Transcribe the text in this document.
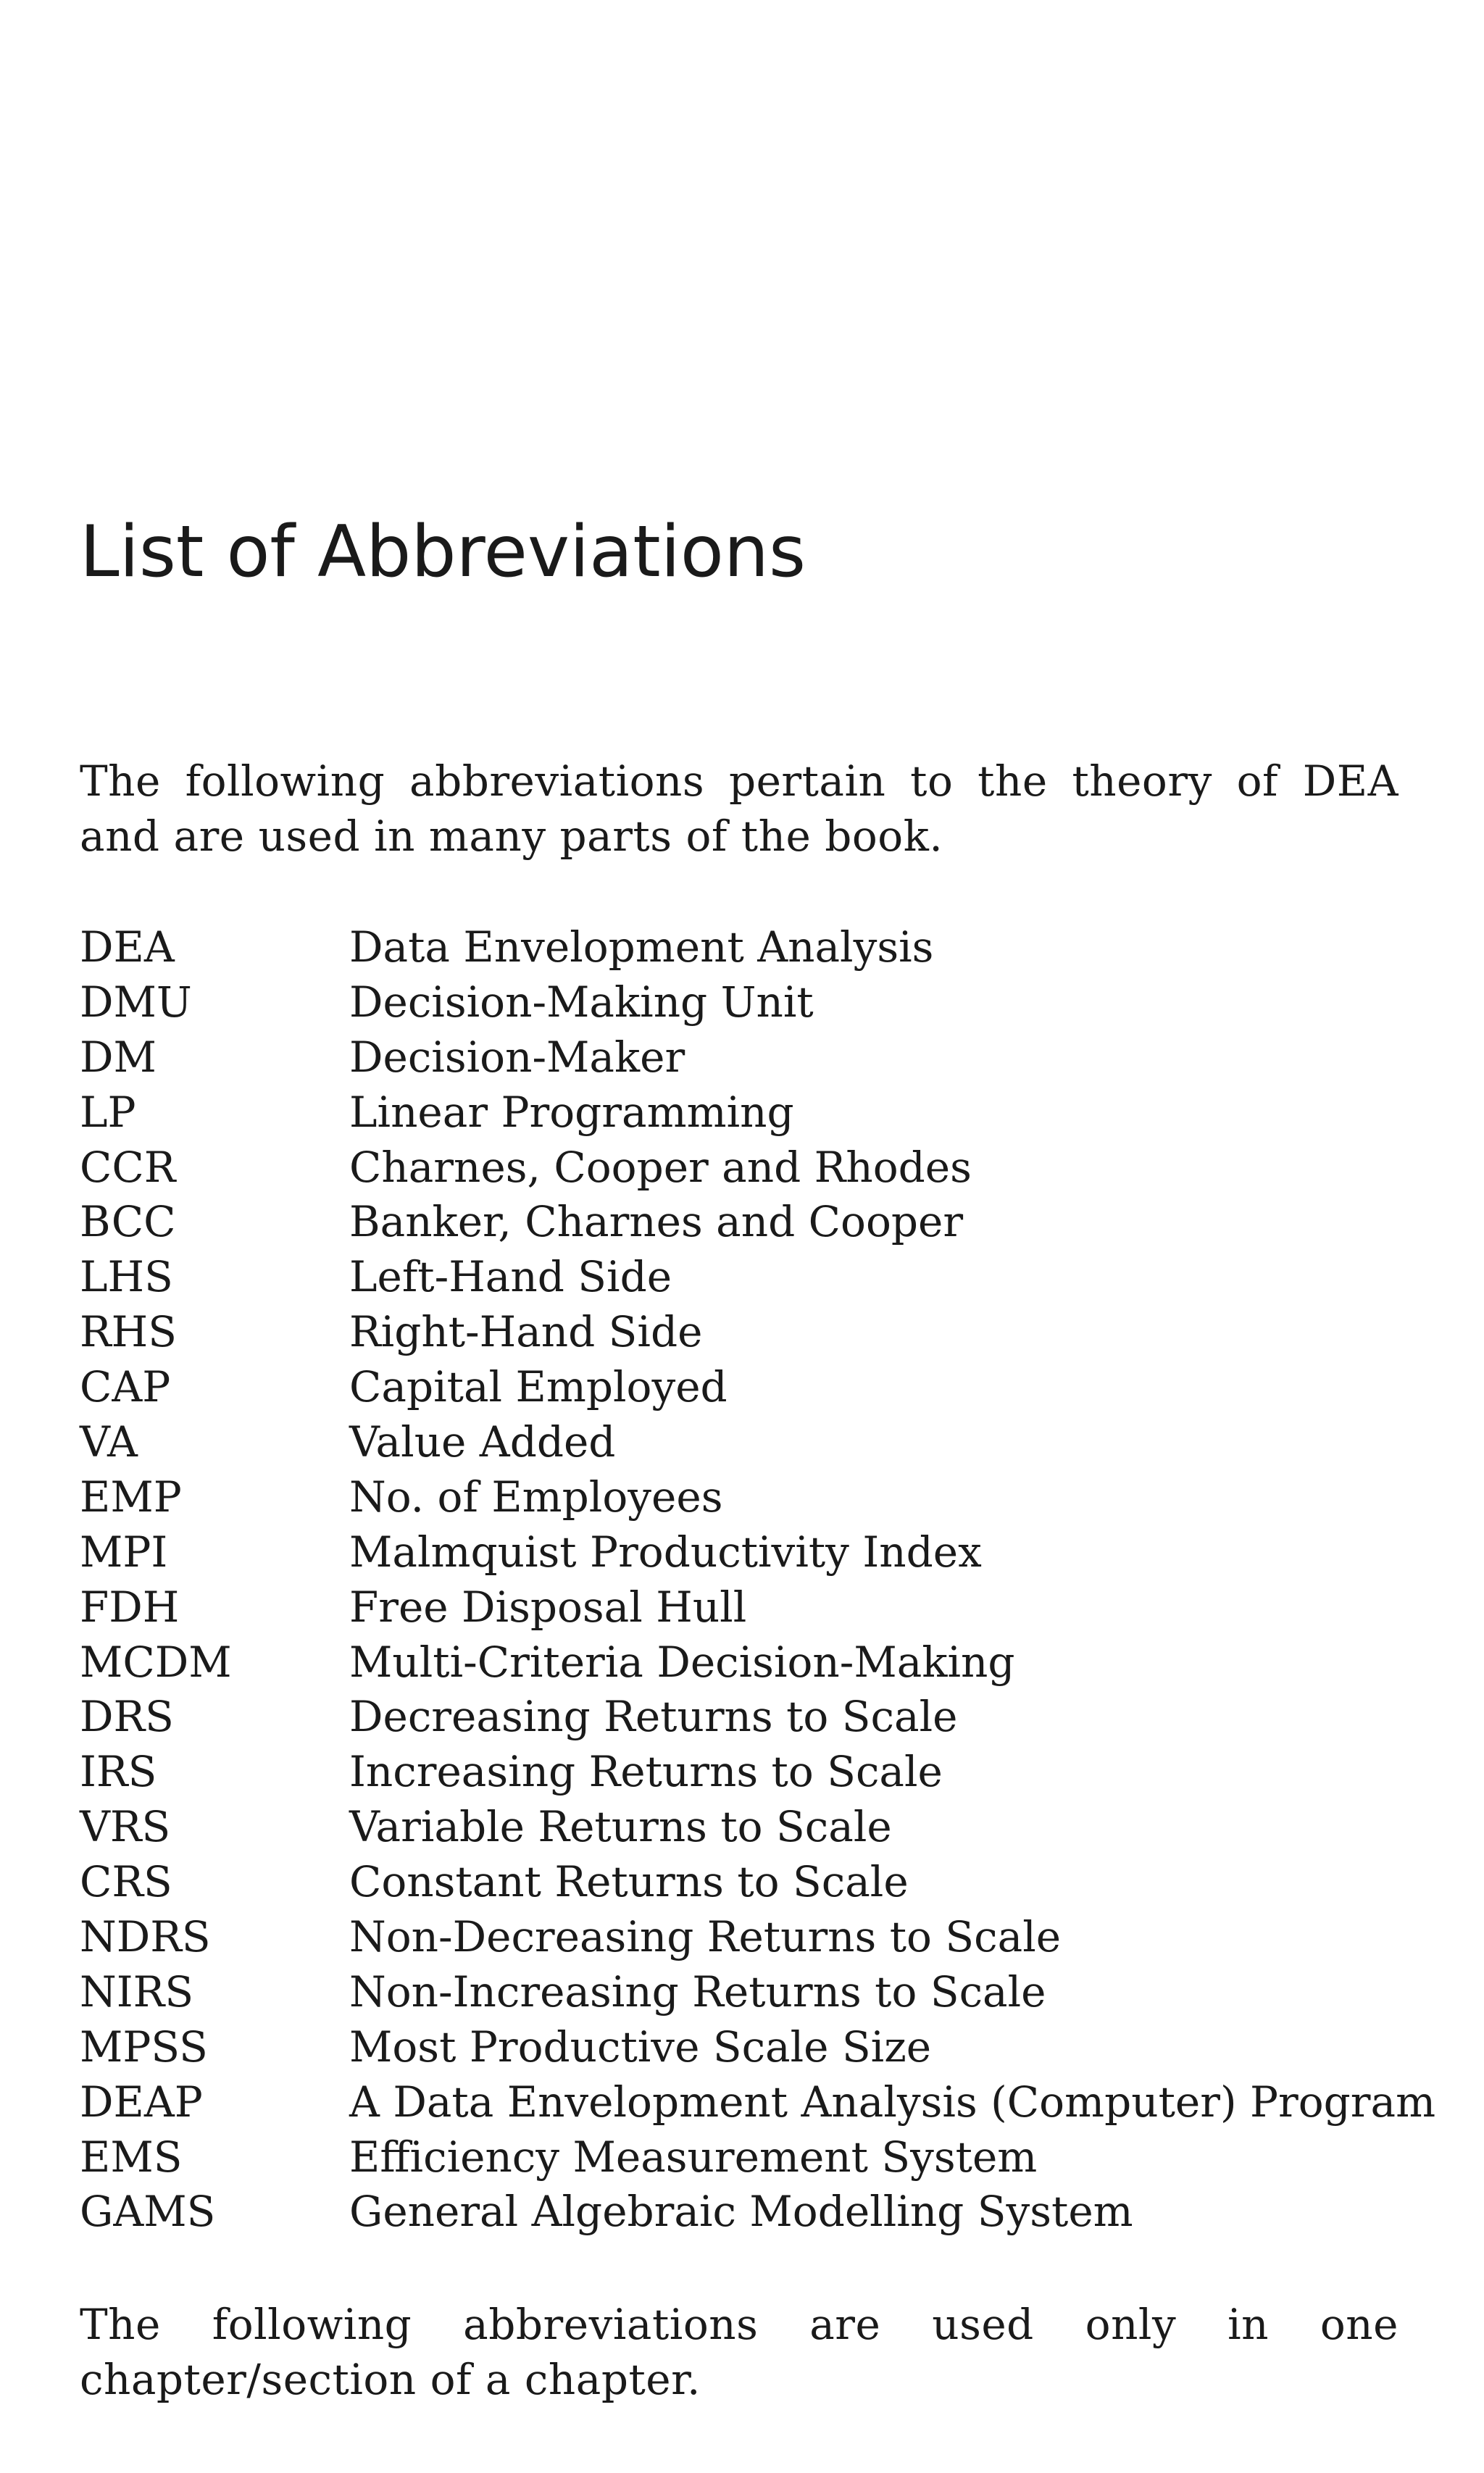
List of Abbreviations

The following abbreviations pertain to the theory of DEA and are used in many parts of the book.

DEA	Data Envelopment Analysis
DMU	Decision-Making Unit
DM	Decision-Maker
LP	Linear Programming
CCR	Charnes, Cooper and Rhodes
BCC	Banker, Charnes and Cooper
LHS	Left-Hand Side
RHS	Right-Hand Side
CAP	Capital Employed
VA	Value Added
EMP	No. of Employees
MPI	Malmquist Productivity Index
FDH	Free Disposal Hull
MCDM	Multi-Criteria Decision-Making
DRS	Decreasing Returns to Scale
IRS	Increasing Returns to Scale
VRS	Variable Returns to Scale
CRS	Constant Returns to Scale
NDRS	Non-Decreasing Returns to Scale
NIRS	Non-Increasing Returns to Scale
MPSS	Most Productive Scale Size
DEAP	A Data Envelopment Analysis (Computer) Program
EMS	Efficiency Measurement System
GAMS	General Algebraic Modelling System

The following abbreviations are used only in one chapter/section of a chapter.
